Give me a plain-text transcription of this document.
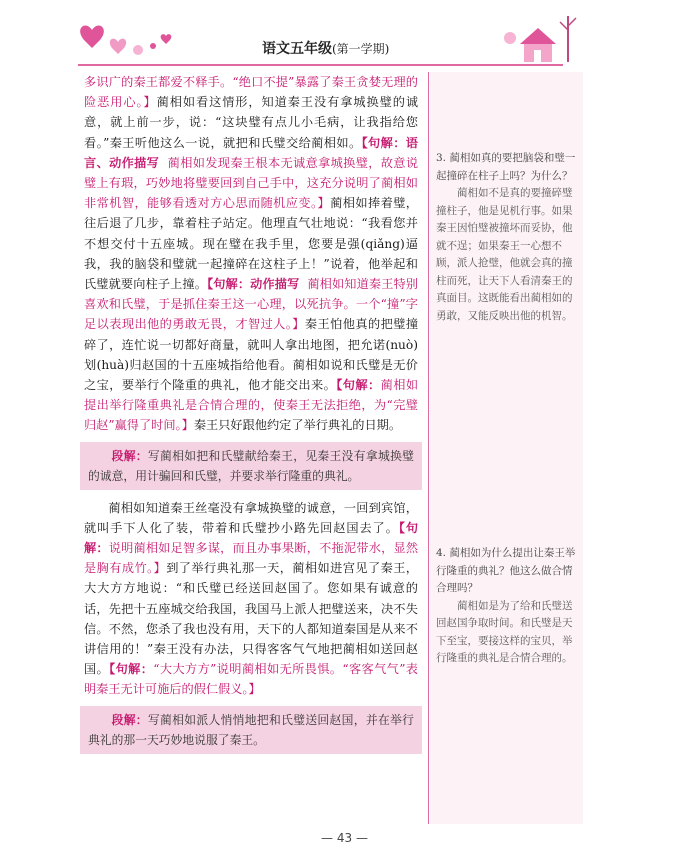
语文五年级(第一学期)

多识广的秦王都爱不释手。“绝口不提”暴露了秦王贪婪无理的险恶用心。】蔺相如看这情形，知道秦王没有拿城换璧的诚意，就上前一步，说：“这块璧有点儿小毛病，让我指给您看。”秦王听他这么一说，就把和氏璧交给蔺相如。【句解：语言、动作描写 蔺相如发现秦王根本无诚意拿城换璧，故意说璧上有瑕，巧妙地将璧要回到自己手中，这充分说明了蔺相如非常机智，能够看透对方心思而随机应变。】蔺相如捧着璧，往后退了几步，靠着柱子站定。他理直气壮地说：“我看您并不想交付十五座城。现在璧在我手里，您要是强(qiǎng)逼我，我的脑袋和璧就一起撞碎在这柱子上！”说着，他举起和氏璧就要向柱子上撞。【句解：动作描写 蔺相如知道秦王特别喜欢和氏璧，于是抓住秦王这一心理，以死抗争。一个“撞”字足以表现出他的勇敢无畏，才智过人。】秦王怕他真的把璧撞碎了，连忙说一切都好商量，就叫人拿出地图，把允诺(nuò)划(huà)归赵国的十五座城指给他看。蔺相如说和氏璧是无价之宝，要举行个隆重的典礼，他才能交出来。【句解：蔺相如提出举行隆重典礼是合情合理的，使秦王无法拒绝，为“完璧归赵”赢得了时间。】秦王只好跟他约定了举行典礼的日期。

段解：写蔺相如把和氏璧献给秦王，见秦王没有拿城换璧的诚意，用计骗回和氏璧，并要求举行隆重的典礼。

蔺相如知道秦王丝毫没有拿城换璧的诚意，一回到宾馆，就叫手下人化了装，带着和氏璧抄小路先回赵国去了。【句解：说明蔺相如足智多谋，而且办事果断，不拖泥带水，显然是胸有成竹。】到了举行典礼那一天，蔺相如进宫见了秦王，大大方方地说：“和氏璧已经送回赵国了。您如果有诚意的话，先把十五座城交给我国，我国马上派人把璧送来，决不失信。不然，您杀了我也没有用，天下的人都知道秦国是从来不讲信用的！”秦王没有办法，只得客客气气地把蔺相如送回赵国。【句解：“大大方方”说明蔺相如无所畏惧。“客客气气”表明秦王无计可施后的假仁假义。】

段解：写蔺相如派人悄悄地把和氏璧送回赵国，并在举行典礼的那一天巧妙地说服了秦王。

3. 蔺相如真的要把脑袋和璧一起撞碎在柱子上吗？为什么？

蔺相如不是真的要撞碎璧撞柱子，他是见机行事。如果秦王因怕璧被撞坏而妥协，他就不逞；如果秦王一心想不顾，派人抢璧，他就会真的撞柱而死，让天下人看清秦王的真面目。这既能看出蔺相如的勇敢，又能反映出他的机智。

4. 蔺相如为什么提出让秦王举行隆重的典礼？他这么做合情合理吗？

蔺相如是为了给和氏璧送回赵国争取时间。和氏璧是天下至宝，要接这样的宝贝，举行隆重的典礼是合情合理的。

— 43 —
